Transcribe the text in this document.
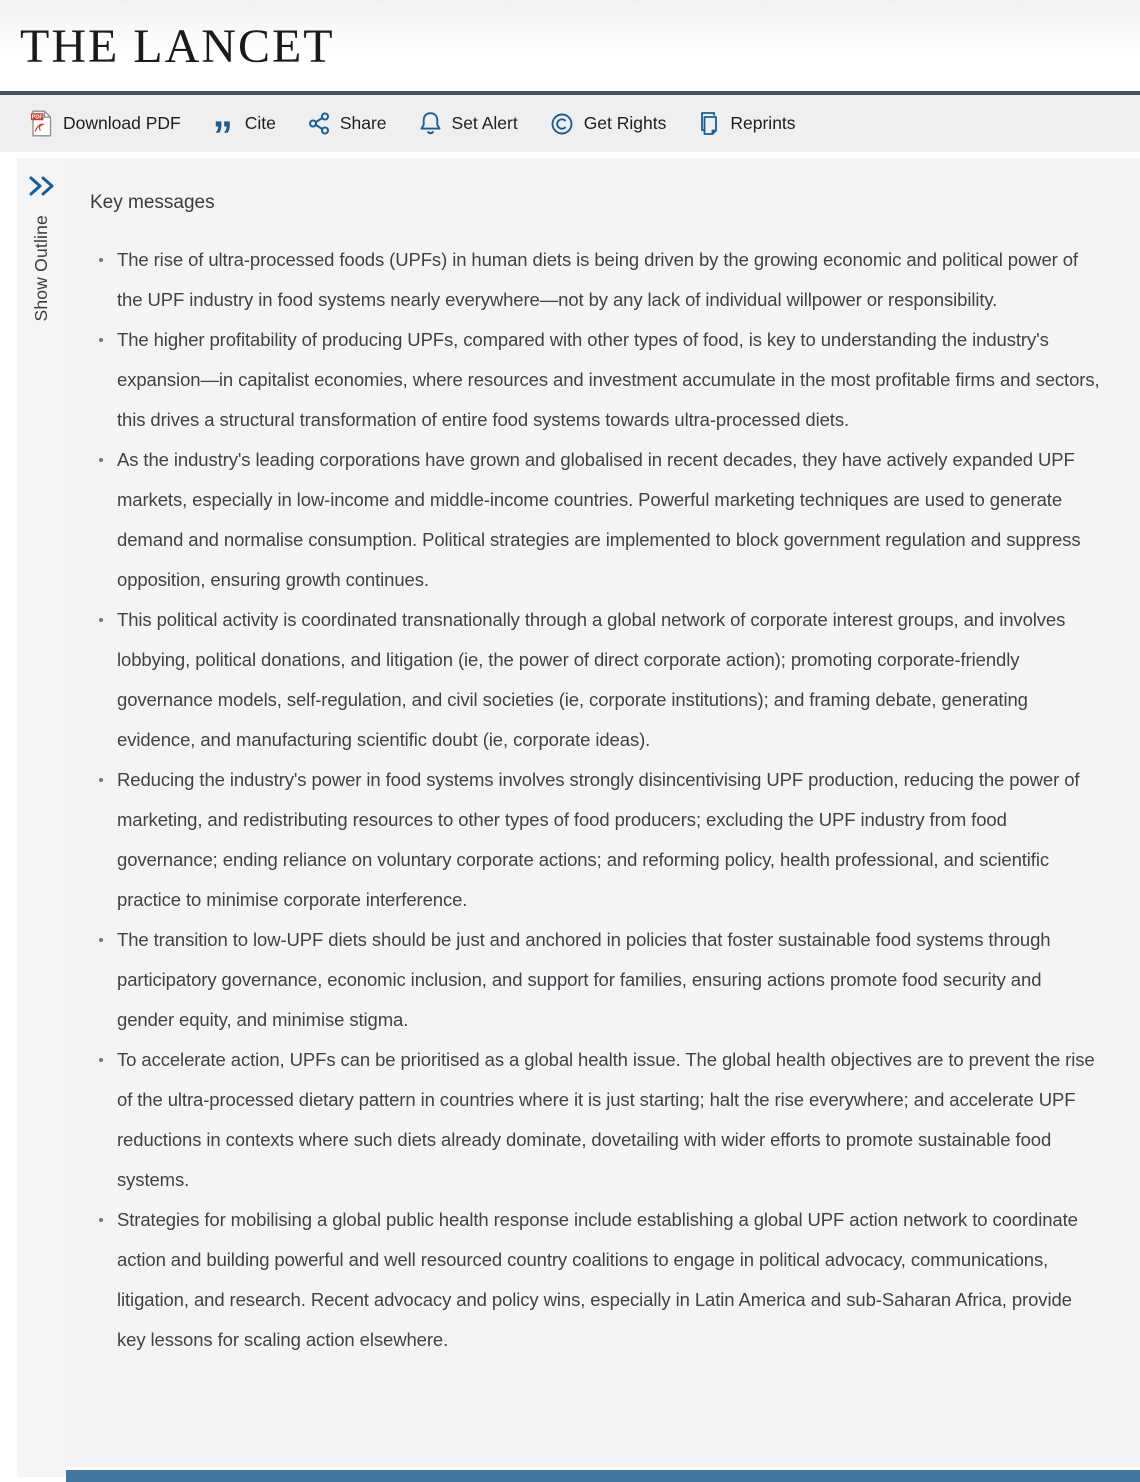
THE LANCET
PDF Download PDF ” Cite	Share	Set Alert	Get Rights	Reprints
Show Outline
Key messages
The rise of ultra-processed foods (UPFs) in human diets is being driven by the growing economic and political power of the UPF industry in food systems nearly everywhere—not by any lack of individual willpower or responsibility.
The higher profitability of producing UPFs, compared with other types of food, is key to understanding the industry's expansion—in capitalist economies, where resources and investment accumulate in the most profitable firms and sectors, this drives a structural transformation of entire food systems towards ultra-processed diets.
As the industry's leading corporations have grown and globalised in recent decades, they have actively expanded UPF markets, especially in low-income and middle-income countries. Powerful marketing techniques are used to generate demand and normalise consumption. Political strategies are implemented to block government regulation and suppress opposition, ensuring growth continues.
This political activity is coordinated transnationally through a global network of corporate interest groups, and involves lobbying, political donations, and litigation (ie, the power of direct corporate action); promoting corporate-friendly governance models, self-regulation, and civil societies (ie, corporate institutions); and framing debate, generating evidence, and manufacturing scientific doubt (ie, corporate ideas).
Reducing the industry's power in food systems involves strongly disincentivising UPF production, reducing the power of marketing, and redistributing resources to other types of food producers; excluding the UPF industry from food governance; ending reliance on voluntary corporate actions; and reforming policy, health professional, and scientific practice to minimise corporate interference.
The transition to low-UPF diets should be just and anchored in policies that foster sustainable food systems through participatory governance, economic inclusion, and support for families, ensuring actions promote food security and gender equity, and minimise stigma.
To accelerate action, UPFs can be prioritised as a global health issue. The global health objectives are to prevent the rise of the ultra-processed dietary pattern in countries where it is just starting; halt the rise everywhere; and accelerate UPF reductions in contexts where such diets already dominate, dovetailing with wider efforts to promote sustainable food systems.
Strategies for mobilising a global public health response include establishing a global UPF action network to coordinate action and building powerful and well resourced country coalitions to engage in political advocacy, communications, litigation, and research. Recent advocacy and policy wins, especially in Latin America and sub-Saharan Africa, provide key lessons for scaling action elsewhere.
